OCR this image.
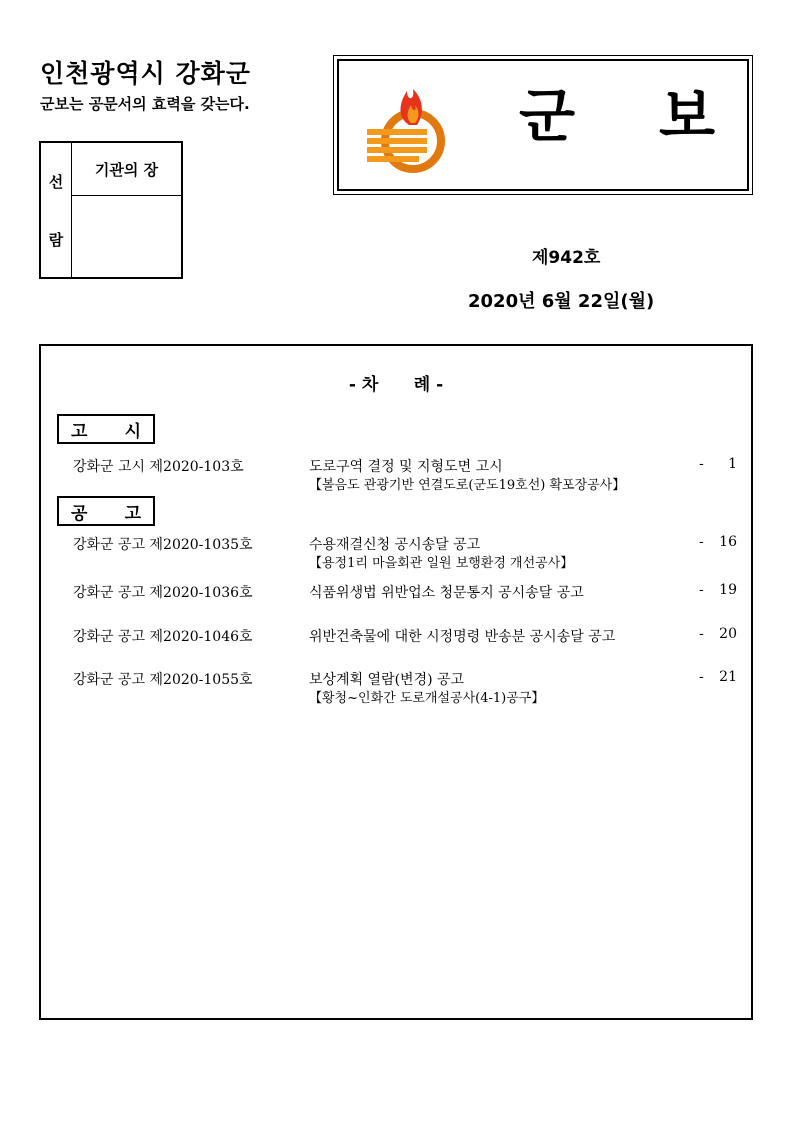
인천광역시 강화군
군보는 공문서의 효력을 갖는다.
선
람
기관의 장
군 보
제942호
2020년 6월 22일(월)
- 차      례 -
고 시
강화군 고시 제2020-103호	도로구역 결정 및 지형도면 고시
【볼음도 관광기반 연결도로(군도19호선) 확포장공사】
- 1
공 고
강화군 공고 제2020-1035호	수용재결신청 공시송달 공고
【용정1리 마을회관 일원 보행환경 개선공사】
- 16
강화군 공고 제2020-1036호	식품위생법 위반업소 청문통지 공시송달 공고	- 19
강화군 공고 제2020-1046호	위반건축물에 대한 시정명령 반송분 공시송달 공고	- 20
강화군 공고 제2020-1055호	보상계획 열람(변경) 공고
【황청~인화간 도로개설공사(4-1)공구】
- 21
